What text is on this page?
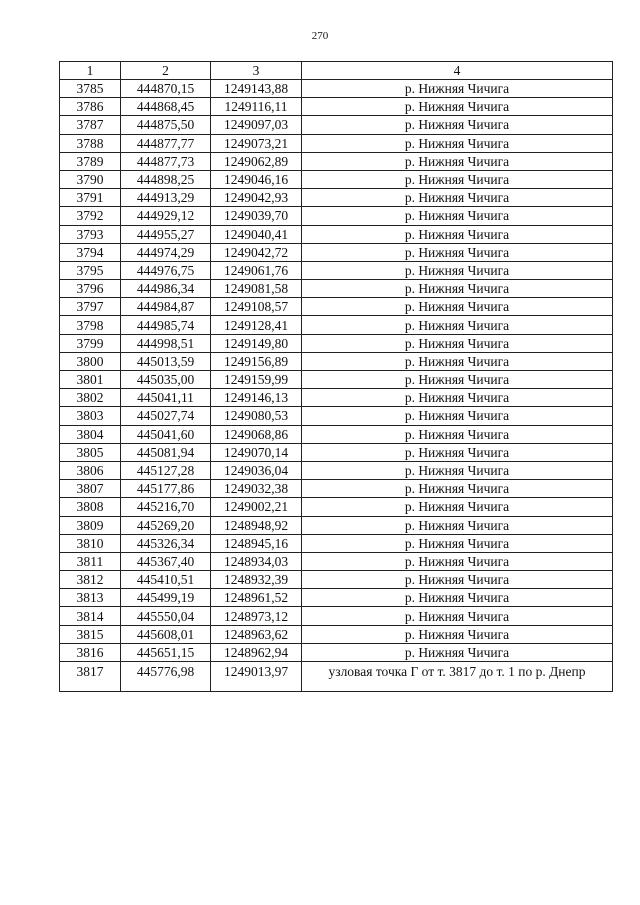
270
1	2	3	4
3785	444870,15	1249143,88	р. Нижняя Чичига
3786	444868,45	1249116,11	р. Нижняя Чичига
3787	444875,50	1249097,03	р. Нижняя Чичига
3788	444877,77	1249073,21	р. Нижняя Чичига
3789	444877,73	1249062,89	р. Нижняя Чичига
3790	444898,25	1249046,16	р. Нижняя Чичига
3791	444913,29	1249042,93	р. Нижняя Чичига
3792	444929,12	1249039,70	р. Нижняя Чичига
3793	444955,27	1249040,41	р. Нижняя Чичига
3794	444974,29	1249042,72	р. Нижняя Чичига
3795	444976,75	1249061,76	р. Нижняя Чичига
3796	444986,34	1249081,58	р. Нижняя Чичига
3797	444984,87	1249108,57	р. Нижняя Чичига
3798	444985,74	1249128,41	р. Нижняя Чичига
3799	444998,51	1249149,80	р. Нижняя Чичига
3800	445013,59	1249156,89	р. Нижняя Чичига
3801	445035,00	1249159,99	р. Нижняя Чичига
3802	445041,11	1249146,13	р. Нижняя Чичига
3803	445027,74	1249080,53	р. Нижняя Чичига
3804	445041,60	1249068,86	р. Нижняя Чичига
3805	445081,94	1249070,14	р. Нижняя Чичига
3806	445127,28	1249036,04	р. Нижняя Чичига
3807	445177,86	1249032,38	р. Нижняя Чичига
3808	445216,70	1249002,21	р. Нижняя Чичига
3809	445269,20	1248948,92	р. Нижняя Чичига
3810	445326,34	1248945,16	р. Нижняя Чичига
3811	445367,40	1248934,03	р. Нижняя Чичига
3812	445410,51	1248932,39	р. Нижняя Чичига
3813	445499,19	1248961,52	р. Нижняя Чичига
3814	445550,04	1248973,12	р. Нижняя Чичига
3815	445608,01	1248963,62	р. Нижняя Чичига
3816	445651,15	1248962,94	р. Нижняя Чичига
3817	445776,98	1249013,97	узловая точка Г от т. 3817 до т. 1 по р. Днепр
